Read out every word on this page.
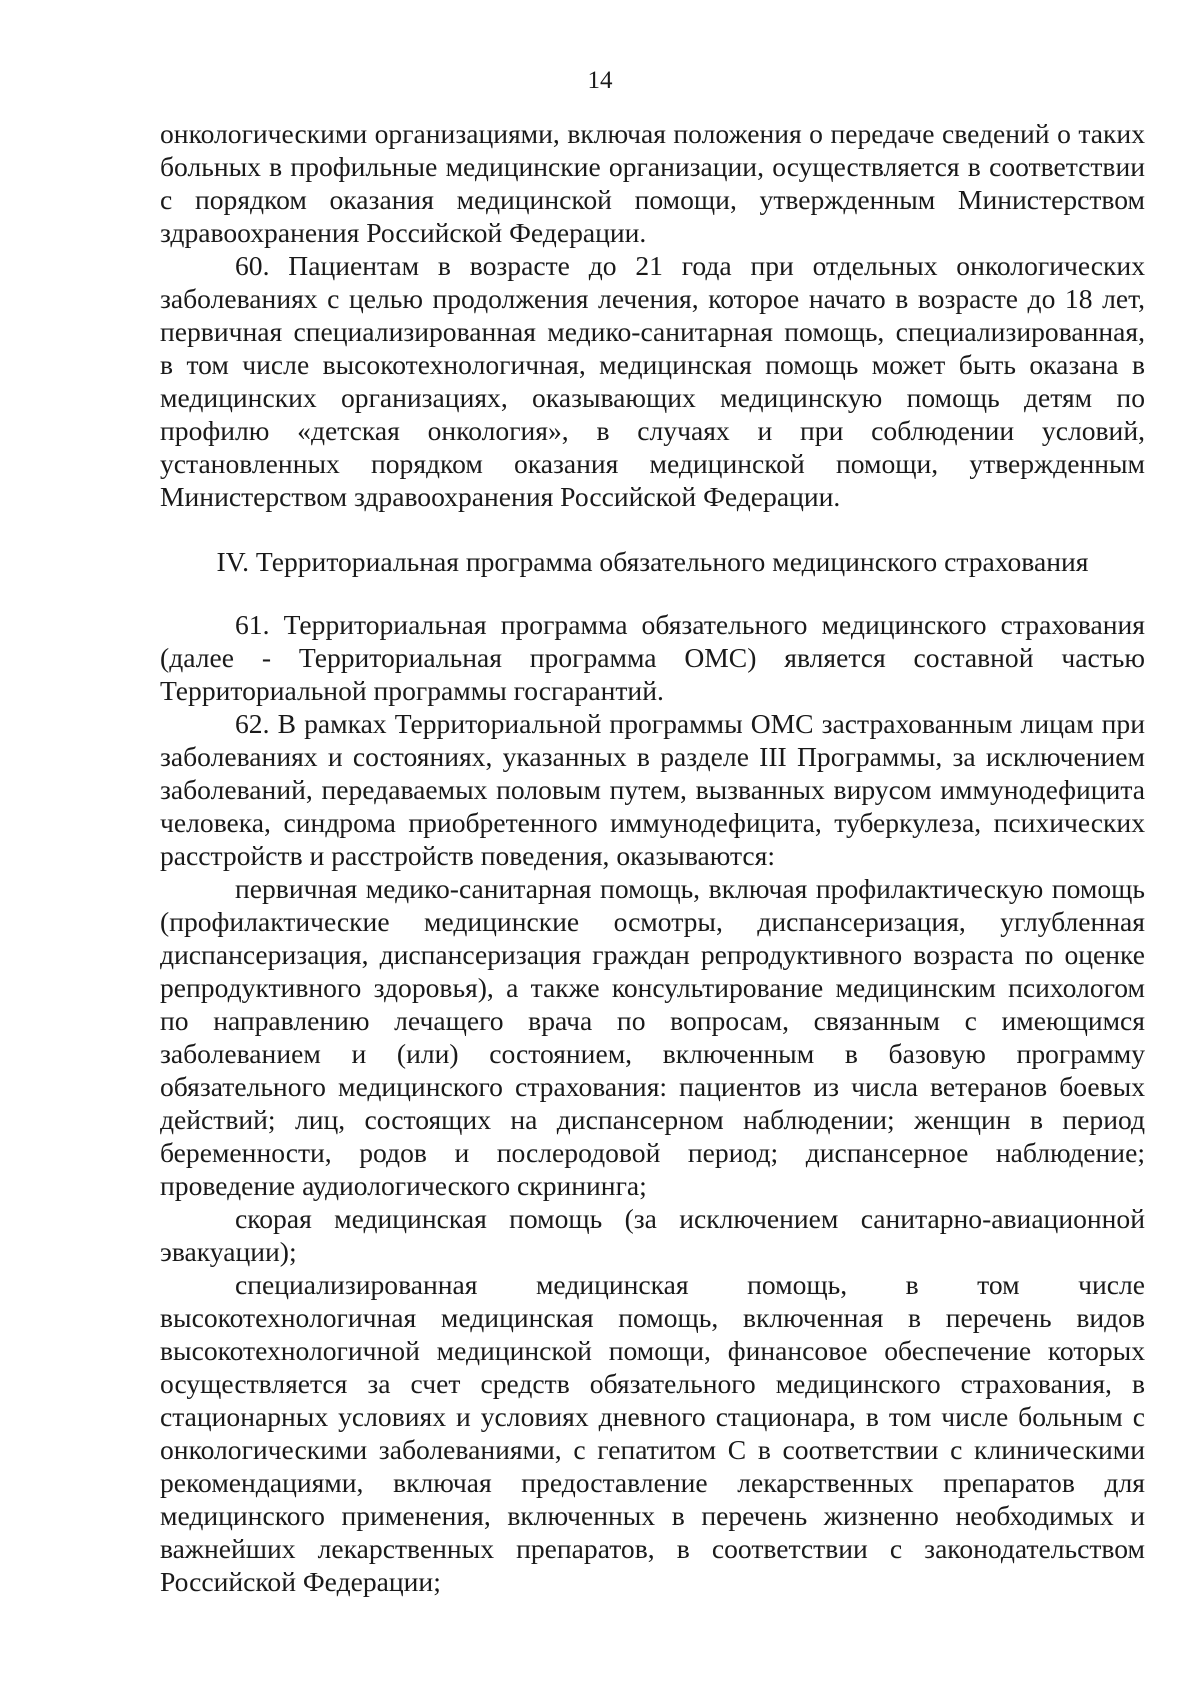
14

онкологическими организациями, включая положения о передаче сведений о таких больных в профильные медицинские организации, осуществляется в соответствии с порядком оказания медицинской помощи, утвержденным Министерством здравоохранения Российской Федерации.

60. Пациентам в возрасте до 21 года при отдельных онкологических заболеваниях с целью продолжения лечения, которое начато в возрасте до 18 лет, первичная специализированная медико-санитарная помощь, специализированная, в том числе высокотехнологичная, медицинская помощь может быть оказана в медицинских организациях, оказывающих медицинскую помощь детям по профилю «детская онкология», в случаях и при соблюдении условий, установленных порядком оказания медицинской помощи, утвержденным Министерством здравоохранения Российской Федерации.

IV. Территориальная программа обязательного медицинского страхования

61. Территориальная программа обязательного медицинского страхования (далее - Территориальная программа ОМС) является составной частью Территориальной программы госгарантий.

62. В рамках Территориальной программы ОМС застрахованным лицам при заболеваниях и состояниях, указанных в разделе III Программы, за исключением заболеваний, передаваемых половым путем, вызванных вирусом иммунодефицита человека, синдрома приобретенного иммунодефицита, туберкулеза, психических расстройств и расстройств поведения, оказываются:

первичная медико-санитарная помощь, включая профилактическую помощь (профилактические медицинские осмотры, диспансеризация, углубленная диспансеризация, диспансеризация граждан репродуктивного возраста по оценке репродуктивного здоровья), а также консультирование медицинским психологом по направлению лечащего врача по вопросам, связанным с имеющимся заболеванием и (или) состоянием, включенным в базовую программу обязательного медицинского страхования: пациентов из числа ветеранов боевых действий; лиц, состоящих на диспансерном наблюдении; женщин в период беременности, родов и послеродовой период; диспансерное наблюдение; проведение аудиологического скрининга;

скорая медицинская помощь (за исключением санитарно-авиационной эвакуации);

специализированная медицинская помощь, в том числе высокотехнологичная медицинская помощь, включенная в перечень видов высокотехнологичной медицинской помощи, финансовое обеспечение которых осуществляется за счет средств обязательного медицинского страхования, в стационарных условиях и условиях дневного стационара, в том числе больным с онкологическими заболеваниями, с гепатитом C в соответствии с клиническими рекомендациями, включая предоставление лекарственных препаратов для медицинского применения, включенных в перечень жизненно необходимых и важнейших лекарственных препаратов, в соответствии с законодательством Российской Федерации;
